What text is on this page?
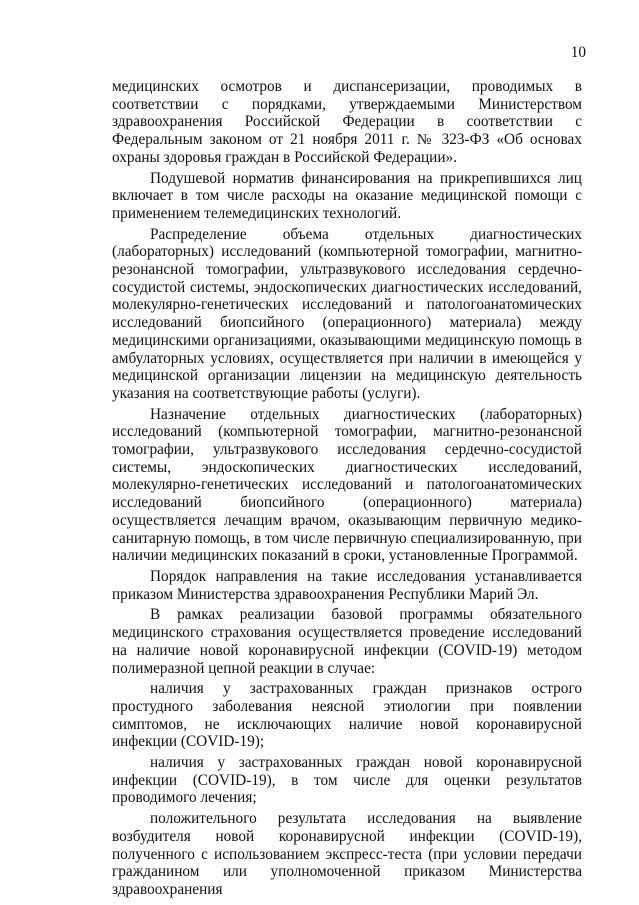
10

медицинских осмотров и диспансеризации, проводимых в соответствии с порядками, утверждаемыми Министерством здравоохранения Российской Федерации в соответствии с Федеральным законом от 21 ноября 2011 г. № 323-ФЗ «Об основах охраны здоровья граждан в Российской Федерации».

Подушевой норматив финансирования на прикрепившихся лиц включает в том числе расходы на оказание медицинской помощи с применением телемедицинских технологий.

Распределение объема отдельных диагностических (лабораторных) исследований (компьютерной томографии, магнитно-резонансной томографии, ультразвукового исследования сердечно-сосудистой системы, эндоскопических диагностических исследований, молекулярно-генетических исследований и патологоанатомических исследований биопсийного (операционного) материала) между медицинскими организациями, оказывающими медицинскую помощь в амбулаторных условиях, осуществляется при наличии в имеющейся у медицинской организации лицензии на медицинскую деятельность указания на соответствующие работы (услуги).

Назначение отдельных диагностических (лабораторных) исследований (компьютерной томографии, магнитно-резонансной томографии, ультразвукового исследования сердечно-сосудистой системы, эндоскопических диагностических исследований, молекулярно-генетических исследований и патологоанатомических исследований биопсийного (операционного) материала) осуществляется лечащим врачом, оказывающим первичную медико-санитарную помощь, в том числе первичную специализированную, при наличии медицинских показаний в сроки, установленные Программой.

Порядок направления на такие исследования устанавливается приказом Министерства здравоохранения Республики Марий Эл.

В рамках реализации базовой программы обязательного медицинского страхования осуществляется проведение исследований на наличие новой коронавирусной инфекции (COVID-19) методом полимеразной цепной реакции в случае:

наличия у застрахованных граждан признаков острого простудного заболевания неясной этиологии при появлении симптомов, не исключающих наличие новой коронавирусной инфекции (COVID-19);

наличия у застрахованных граждан новой коронавирусной инфекции (COVID-19), в том числе для оценки результатов проводимого лечения;

положительного результата исследования на выявление возбудителя новой коронавирусной инфекции (COVID-19), полученного с использованием экспресс-теста (при условии передачи гражданином или уполномоченной приказом Министерства здравоохранения
